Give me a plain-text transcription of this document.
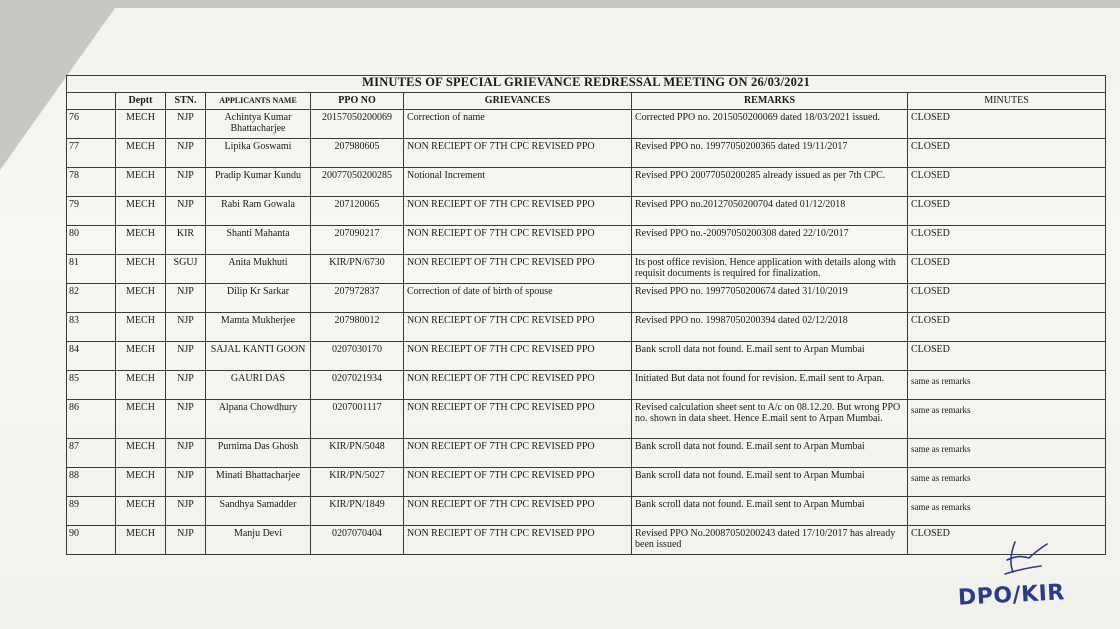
MINUTES OF SPECIAL GRIEVANCE REDRESSAL MEETING ON 26/03/2021							
	Deptt	STN.	APPLICANTS NAME	PPO NO	GRIEVANCES	REMARKS	MINUTES
76	MECH	NJP	Achintya Kumar Bhattacharjee	20157050200069	Correction of name	Corrected PPO no. 2015050200069 dated 18/03/2021 issued.	CLOSED
77	MECH	NJP	Lipika Goswami	207980605	NON RECIEPT OF 7TH CPC REVISED PPO	Revised PPO no. 19977050200365 dated 19/11/2017	CLOSED
78	MECH	NJP	Pradip Kumar Kundu	20077050200285	Notional Increment	Revised PPO 20077050200285 already issued as per 7th CPC.	CLOSED
79	MECH	NJP	Rabi Ram Gowala	207120065	NON RECIEPT OF 7TH CPC REVISED PPO	Revised PPO no.20127050200704 dated 01/12/2018	CLOSED
80	MECH	KIR	Shanti Mahanta	207090217	NON RECIEPT OF 7TH CPC REVISED PPO	Revised PPO no.-20097050200308 dated 22/10/2017	CLOSED
81	MECH	SGUJ	Anita Mukhuti	KIR/PN/6730	NON RECIEPT OF 7TH CPC REVISED PPO	Its post office revision. Hence application with details along with requisit documents is required for finalization.	CLOSED
82	MECH	NJP	Dilip Kr Sarkar	207972837	Correction of date of birth of spouse	Revised PPO no. 19977050200674 dated 31/10/2019	CLOSED
83	MECH	NJP	Mamta Mukherjee	207980012	NON RECIEPT OF 7TH CPC REVISED PPO	Revised PPO no. 19987050200394 dated 02/12/2018	CLOSED
84	MECH	NJP	SAJAL KANTI GOON	0207030170	NON RECIEPT OF 7TH CPC REVISED PPO	Bank scroll data not found. E.mail sent to Arpan Mumbai	CLOSED
85	MECH	NJP	GAURI DAS	0207021934	NON RECIEPT OF 7TH CPC REVISED PPO	Initiated But data not found for revision. E.mail sent to Arpan.	same as remarks
86	MECH	NJP	Alpana Chowdhury	0207001117	NON RECIEPT OF 7TH CPC REVISED PPO	Revised calculation sheet sent to A/c on 08.12.20. But wrong PPO no. shown in data sheet. Hence E.mail sent to Arpan Mumbai.	same as remarks
87	MECH	NJP	Purnima Das Ghosh	KIR/PN/5048	NON RECIEPT OF 7TH CPC REVISED PPO	Bank scroll data not found. E.mail sent to Arpan Mumbai	same as remarks
88	MECH	NJP	Minati Bhattacharjee	KIR/PN/5027	NON RECIEPT OF 7TH CPC REVISED PPO	Bank scroll data not found. E.mail sent to Arpan Mumbai	same as remarks
89	MECH	NJP	Sandhya Samadder	KIR/PN/1849	NON RECIEPT OF 7TH CPC REVISED PPO	Bank scroll data not found. E.mail sent to Arpan Mumbai	same as remarks
90	MECH	NJP	Manju Devi	0207070404	NON RECIEPT OF 7TH CPC REVISED PPO	Revised PPO No.20087050200243 dated 17/10/2017 has already been issued	CLOSED
DPO/KIR
